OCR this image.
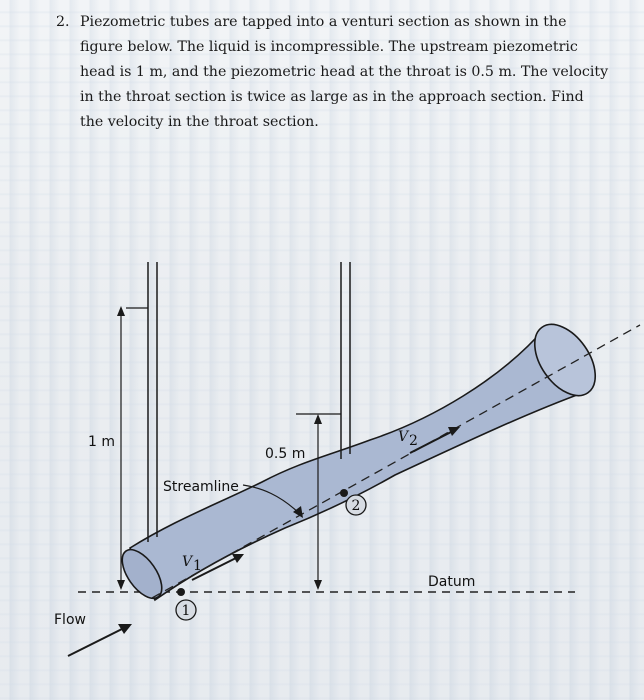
2. Piezometric tubes are tapped into a venturi section as shown in the figure below. The liquid is incompressible. The upstream piezometric head is 1 m, and the piezometric head at the throat is 0.5 m. The velocity in the throat section is twice as large as in the approach section. Find the velocity in the throat section.
1
2
1 m
0.5 m
Streamline
Datum
Flow
V 1
V 2
